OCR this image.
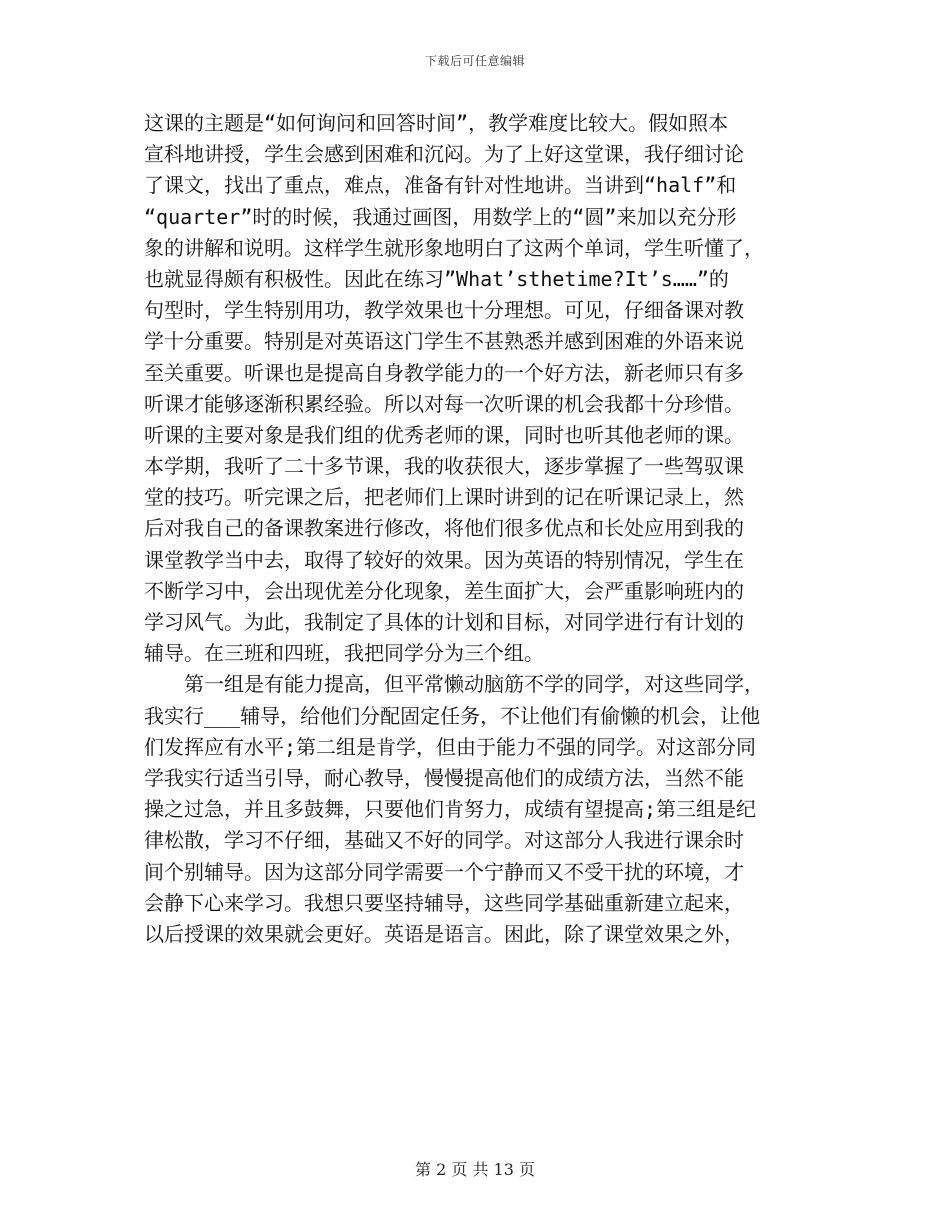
下载后可任意编辑
这课的主题是“如何询问和回答时间”，教学难度比较大。假如照本
宣科地讲授，学生会感到困难和沉闷。为了上好这堂课，我仔细讨论
了课文，找出了重点，难点，准备有针对性地讲。当讲到“half”和
“quarter”时的时候，我通过画图，用数学上的“圆”来加以充分形
象的讲解和说明。这样学生就形象地明白了这两个单词，学生听懂了，
也就显得颇有积极性。因此在练习”What’sthetime?It’s……”的
句型时，学生特别用功，教学效果也十分理想。可见，仔细备课对教
学十分重要。特别是对英语这门学生不甚熟悉并感到困难的外语来说
至关重要。听课也是提高自身教学能力的一个好方法，新老师只有多
听课才能够逐渐积累经验。所以对每一次听课的机会我都十分珍惜。
听课的主要对象是我们组的优秀老师的课，同时也听其他老师的课。
本学期，我听了二十多节课，我的收获很大，逐步掌握了一些驾驭课
堂的技巧。听完课之后，把老师们上课时讲到的记在听课记录上，然
后对我自己的备课教案进行修改，将他们很多优点和长处应用到我的
课堂教学当中去，取得了较好的效果。因为英语的特别情况，学生在
不断学习中，会出现优差分化现象，差生面扩大，会严重影响班内的
学习风气。为此，我制定了具体的计划和目标，对同学进行有计划的
辅导。在三班和四班，我把同学分为三个组。
第一组是有能力提高，但平常懒动脑筋不学的同学，对这些同学，
我实行___辅导，给他们分配固定任务，不让他们有偷懒的机会，让他
们发挥应有水平;第二组是肯学，但由于能力不强的同学。对这部分同
学我实行适当引导，耐心教导，慢慢提高他们的成绩方法，当然不能
操之过急，并且多鼓舞，只要他们肯努力，成绩有望提高;第三组是纪
律松散，学习不仔细，基础又不好的同学。对这部分人我进行课余时
间个别辅导。因为这部分同学需要一个宁静而又不受干扰的环境，才
会静下心来学习。我想只要坚持辅导，这些同学基础重新建立起来，
以后授课的效果就会更好。英语是语言。困此，除了课堂效果之外，
第 2 页 共 13 页
